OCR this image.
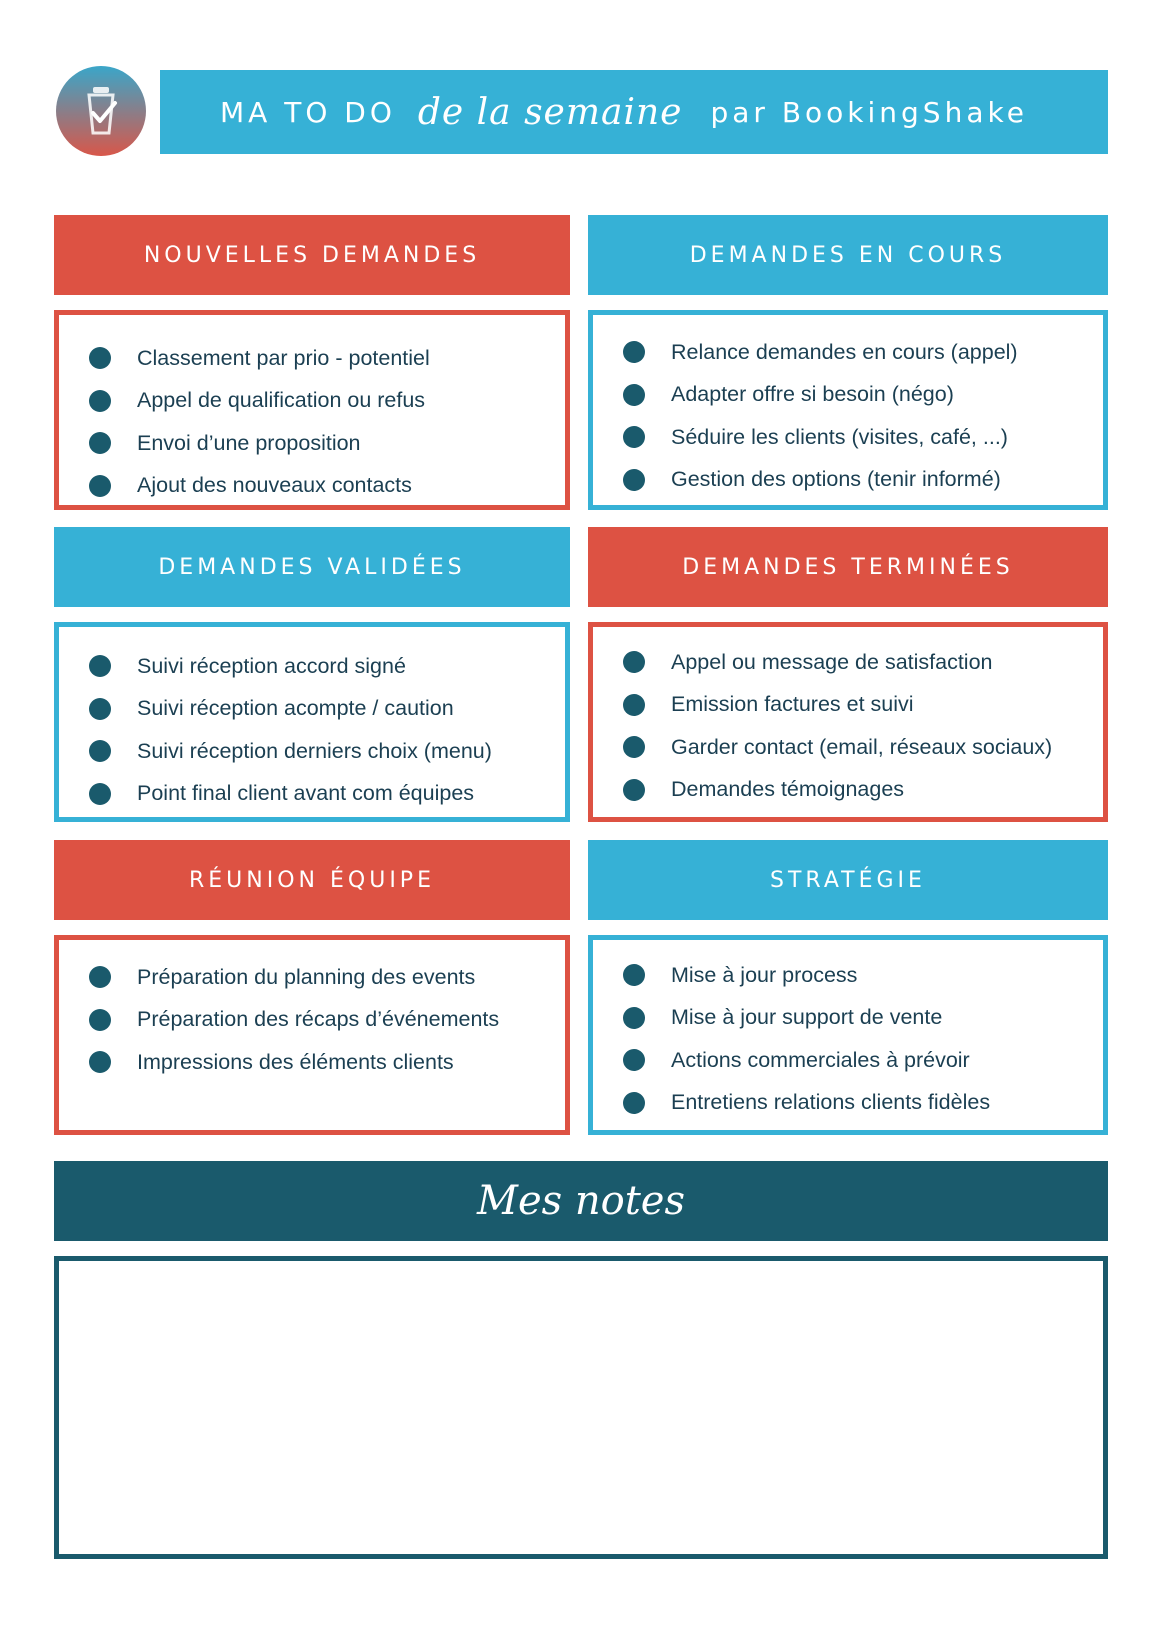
MA TO DO de la semaine par BookingShake
NOUVELLES DEMANDES
Classement par prio - potentiel
Appel de qualification ou refus
Envoi d’une proposition
Ajout des nouveaux contacts
DEMANDES EN COURS
Relance demandes en cours (appel)
Adapter offre si besoin (négo)
Séduire les clients (visites, café, ...)
Gestion des options (tenir informé)
DEMANDES VALIDÉES
Suivi réception accord signé
Suivi réception acompte / caution
Suivi réception derniers choix (menu)
Point final client avant com équipes
DEMANDES TERMINÉES
Appel ou message de satisfaction
Emission factures et suivi
Garder contact (email, réseaux sociaux)
Demandes témoignages
RÉUNION ÉQUIPE
Préparation du planning des events
Préparation des récaps d’événements
Impressions des éléments clients
STRATÉGIE
Mise à jour process
Mise à jour support de vente
Actions commerciales à prévoir
Entretiens relations clients fidèles
Mes notes
